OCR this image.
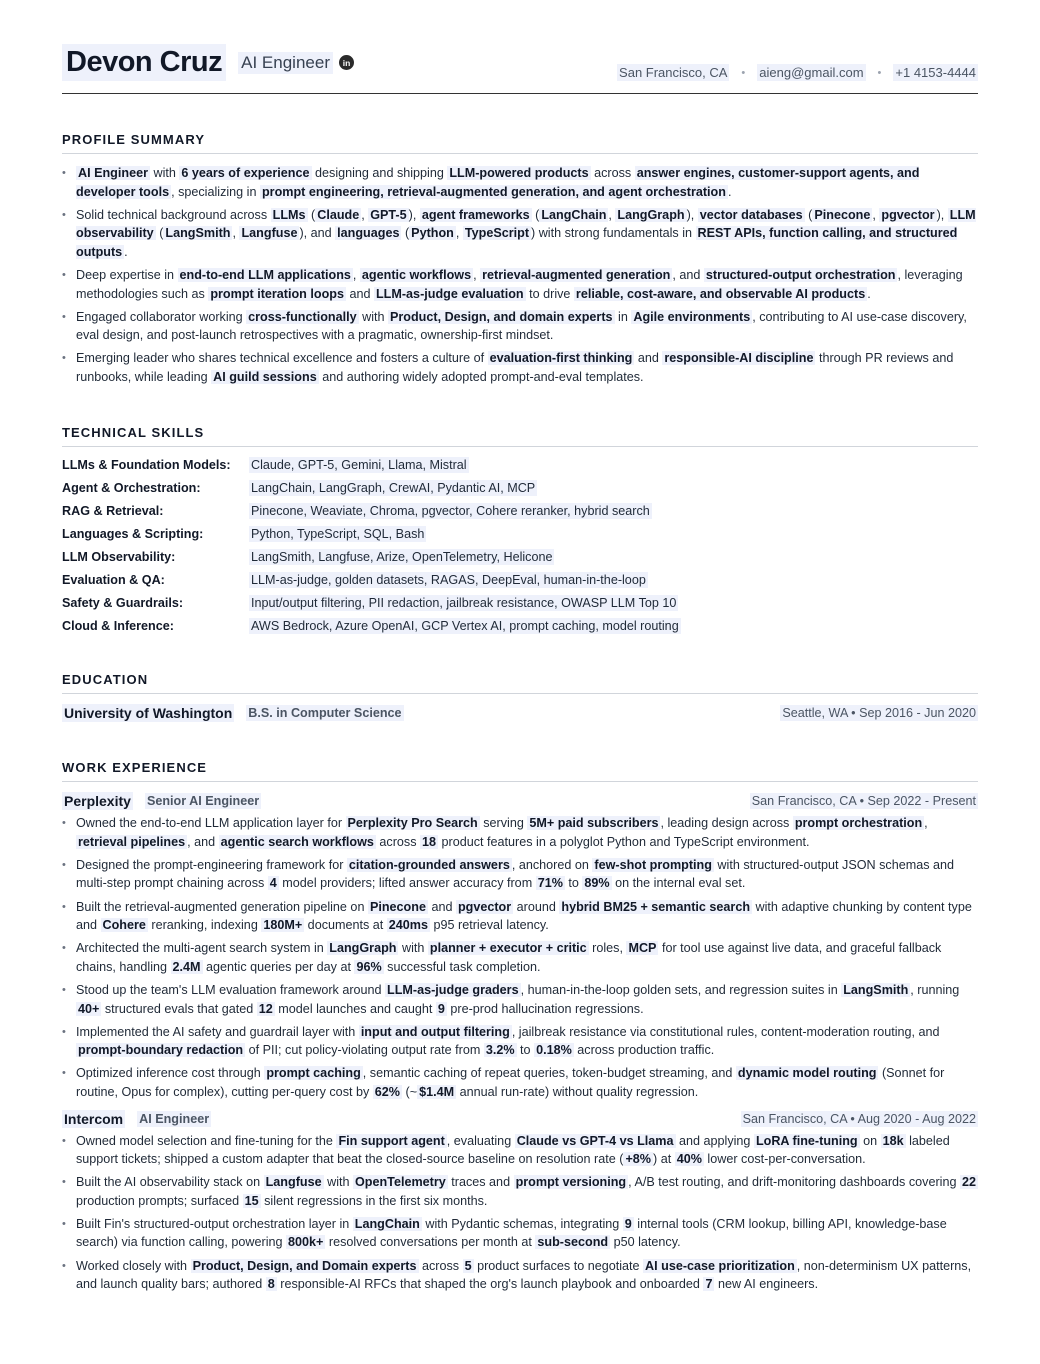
Devon Cruz AI Engineer	in
San Francisco, CA • aieng@gmail.com • +1 4153-4444
PROFILE SUMMARY
• AI Engineer with 6 years of experience designing and shipping LLM-powered products across answer engines, customer-support agents, and developer tools , specializing in prompt engineering, retrieval-augmented generation, and agent orchestration .
• Solid technical background across LLMs ( Claude , GPT-5 ), agent frameworks ( LangChain , LangGraph ), vector databases ( Pinecone , pgvector ), LLM observability ( LangSmith , Langfuse ), and languages ( Python , TypeScript ) with strong fundamentals in REST APIs, function calling, and structured outputs .
• Deep expertise in end-to-end LLM applications , agentic workflows , retrieval-augmented generation , and structured-output orchestration , leveraging methodologies such as prompt iteration loops and LLM-as-judge evaluation to drive reliable, cost-aware, and observable AI products .
• Engaged collaborator working cross-functionally with Product, Design, and domain experts in Agile environments , contributing to AI use-case discovery, eval design, and post-launch retrospectives with a pragmatic, ownership-first mindset.
• Emerging leader who shares technical excellence and fosters a culture of evaluation-first thinking and responsible-AI discipline through PR reviews and runbooks, while leading AI guild sessions and authoring widely adopted prompt-and-eval templates.
TECHNICAL SKILLS
LLMs & Foundation Models:	Claude, GPT-5, Gemini, Llama, Mistral
Agent & Orchestration:	LangChain, LangGraph, CrewAI, Pydantic AI, MCP
RAG & Retrieval:	Pinecone, Weaviate, Chroma, pgvector, Cohere reranker, hybrid search
Languages & Scripting:	Python, TypeScript, SQL, Bash
LLM Observability:	LangSmith, Langfuse, Arize, OpenTelemetry, Helicone
Evaluation & QA:	LLM-as-judge, golden datasets, RAGAS, DeepEval, human-in-the-loop
Safety & Guardrails:	Input/output filtering, PII redaction, jailbreak resistance, OWASP LLM Top 10
Cloud & Inference:	AWS Bedrock, Azure OpenAI, GCP Vertex AI, prompt caching, model routing
EDUCATION
University of Washington B.S. in Computer Science	Seattle, WA • Sep 2016 - Jun 2020
WORK EXPERIENCE
Perplexity Senior AI Engineer	San Francisco, CA • Sep 2022 - Present
• Owned the end-to-end LLM application layer for Perplexity Pro Search serving 5M+ paid subscribers , leading design across prompt orchestration , retrieval pipelines , and agentic search workflows across 18 product features in a polyglot Python and TypeScript environment.
• Designed the prompt-engineering framework for citation-grounded answers , anchored on few-shot prompting with structured-output JSON schemas and multi-step prompt chaining across 4 model providers; lifted answer accuracy from 71% to 89% on the internal eval set.
• Built the retrieval-augmented generation pipeline on Pinecone and pgvector around hybrid BM25 + semantic search with adaptive chunking by content type and Cohere reranking, indexing 180M+ documents at 240ms p95 retrieval latency.
• Architected the multi-agent search system in LangGraph with planner + executor + critic roles, MCP for tool use against live data, and graceful fallback chains, handling 2.4M agentic queries per day at 96% successful task completion.
• Stood up the team's LLM evaluation framework around LLM-as-judge graders , human-in-the-loop golden sets, and regression suites in LangSmith , running 40+ structured evals that gated 12 model launches and caught 9 pre-prod hallucination regressions.
• Implemented the AI safety and guardrail layer with input and output filtering , jailbreak resistance via constitutional rules, content-moderation routing, and prompt-boundary redaction of PII; cut policy-violating output rate from 3.2% to 0.18% across production traffic.
• Optimized inference cost through prompt caching , semantic caching of repeat queries, token-budget streaming, and dynamic model routing (Sonnet for routine, Opus for complex), cutting per-query cost by 62% (~ $1.4M annual run-rate) without quality regression.
Intercom AI Engineer	San Francisco, CA • Aug 2020 - Aug 2022
• Owned model selection and fine-tuning for the Fin support agent , evaluating Claude vs GPT-4 vs Llama and applying LoRA fine-tuning on 18k labeled support tickets; shipped a custom adapter that beat the closed-source baseline on resolution rate ( +8% ) at 40% lower cost-per-conversation.
• Built the AI observability stack on Langfuse with OpenTelemetry traces and prompt versioning , A/B test routing, and drift-monitoring dashboards covering 22 production prompts; surfaced 15 silent regressions in the first six months.
• Built Fin's structured-output orchestration layer in LangChain with Pydantic schemas, integrating 9 internal tools (CRM lookup, billing API, knowledge-base search) via function calling, powering 800k+ resolved conversations per month at sub-second p50 latency.
• Worked closely with Product, Design, and Domain experts across 5 product surfaces to negotiate AI use-case prioritization , non-determinism UX patterns, and launch quality bars; authored 8 responsible-AI RFCs that shaped the org's launch playbook and onboarded 7 new AI engineers.
